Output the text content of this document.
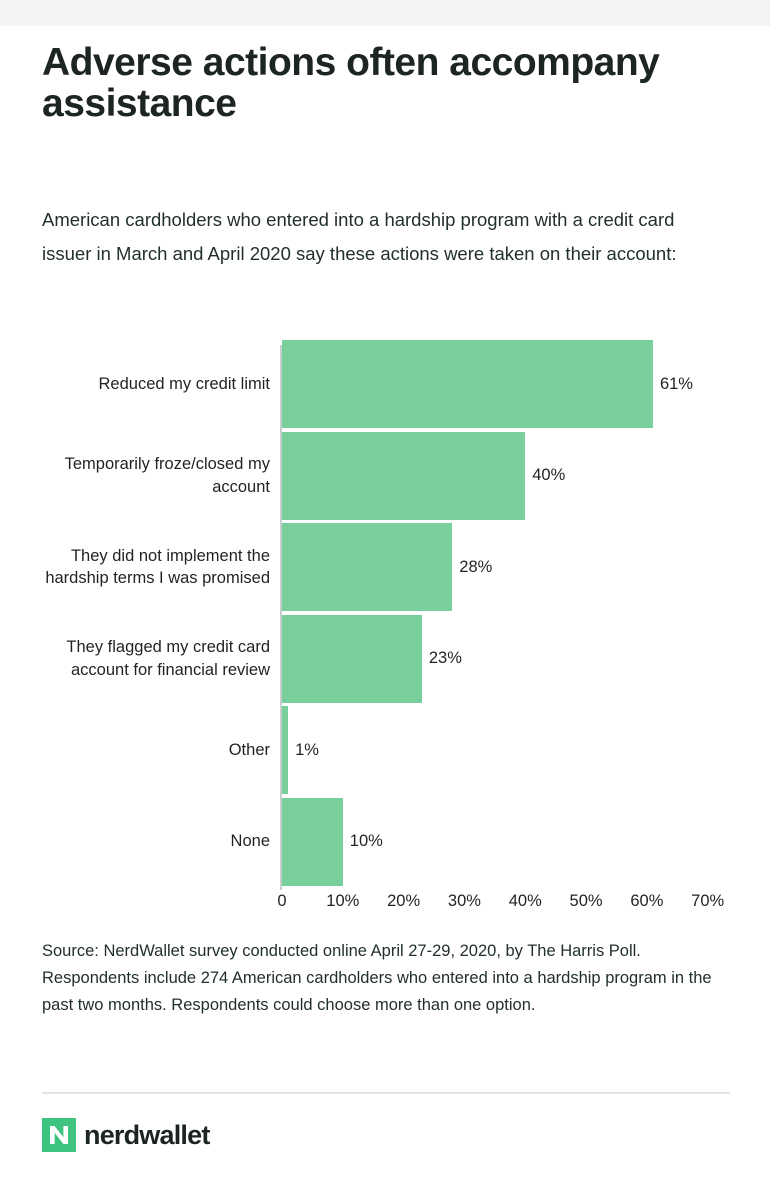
Adverse actions often accompany assistance
American cardholders who entered into a hardship program with a credit card issuer in March and April 2020 say these actions were taken on their account:
Reduced my credit limit	61%
Temporarily froze/closed my account
40%
They did not implement the hardship terms I was promised
28%
They flagged my credit card account for financial review
23%
Other 1%
None	10%
0 10% 20% 30% 40% 50% 60% 70%
Source: NerdWallet survey conducted online April 27-29, 2020, by The Harris Poll. Respondents include 274 American cardholders who entered into a hardship program in the past two months. Respondents could choose more than one option.
nerdwallet
